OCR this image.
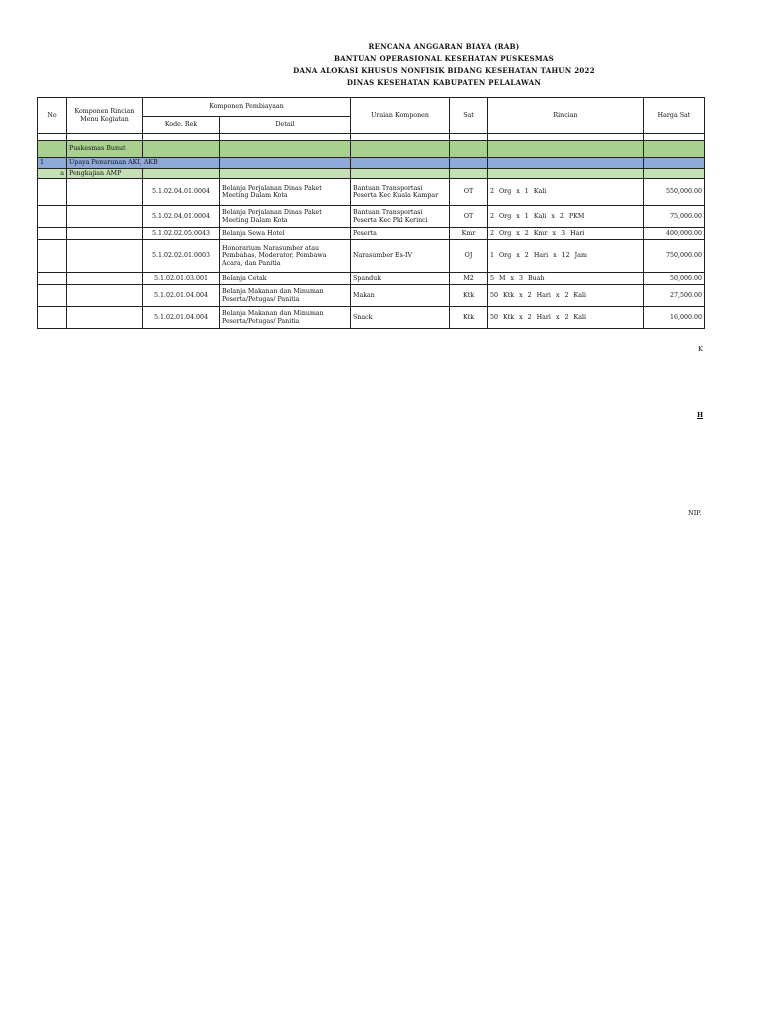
RENCANA ANGGARAN BIAYA (RAB)
BANTUAN OPERASIONAL KESEHATAN PUSKESMAS
DANA ALOKASI KHUSUS NONFISIK BIDANG KESEHATAN TAHUN 2022
DINAS KESEHATAN KABUPATEN PELALAWAN
No	Komponen Rincian Menu Kegiatan	Komponen Pembiayaan		Uraian Komponen	Sat	Rincian	Harga Sat
		Kode. Rek	Detail				

	Puskesmas Bunut						
1	Upaya Penurunan AKI, AKB						
a	Pengkajian AMP						
		5.1.02.04.01.0004	Belanja Perjalanan Dinas Paket Meeting Dalam Kota	Bantuan Transportasi Peserta Kec Kuala Kampar	OT	2 Org x 1 Kali	550,000.00
		5.1.02.04.01.0004	Belanja Perjalanan Dinas Paket Meeting Dalam Kota	Bantuan Transportasi Peserta Kec Pkl Kerinci	OT	2 Org x 1 Kali x 2 PKM	75,000.00
		5.1.02.02.05.0043	Belanja Sewa Hotel	Peserta	Kmr	2 Org x 2 Kmr x 3 Hari	400,000.00
		5.1.02.02.01.0003	Honorarium Narasumber atau Pembahas, Moderator, Pembawa Acara, dan Panitia	Narasumber Es-IV	OJ	1 Org x 2 Hari x 12 Jam	750,000.00
		5.1.02.01.03.001	Belanja Cetak	Spanduk	M2	5 M x 3 Buah	50,000.00
		5.1.02.01.04.004	Belanja Makanan dan Minuman Peserta/Petugas/ Panitia	Makan	Ktk	50 Ktk x 2 Hari x 2 Kali	27,500.00
		5.1.02.01.04.004	Belanja Makanan dan Minuman Peserta/Petugas/ Panitia	Snack	Ktk	50 Ktk x 2 Hari x 2 Kali	16,000.00
K
H
NIP.
